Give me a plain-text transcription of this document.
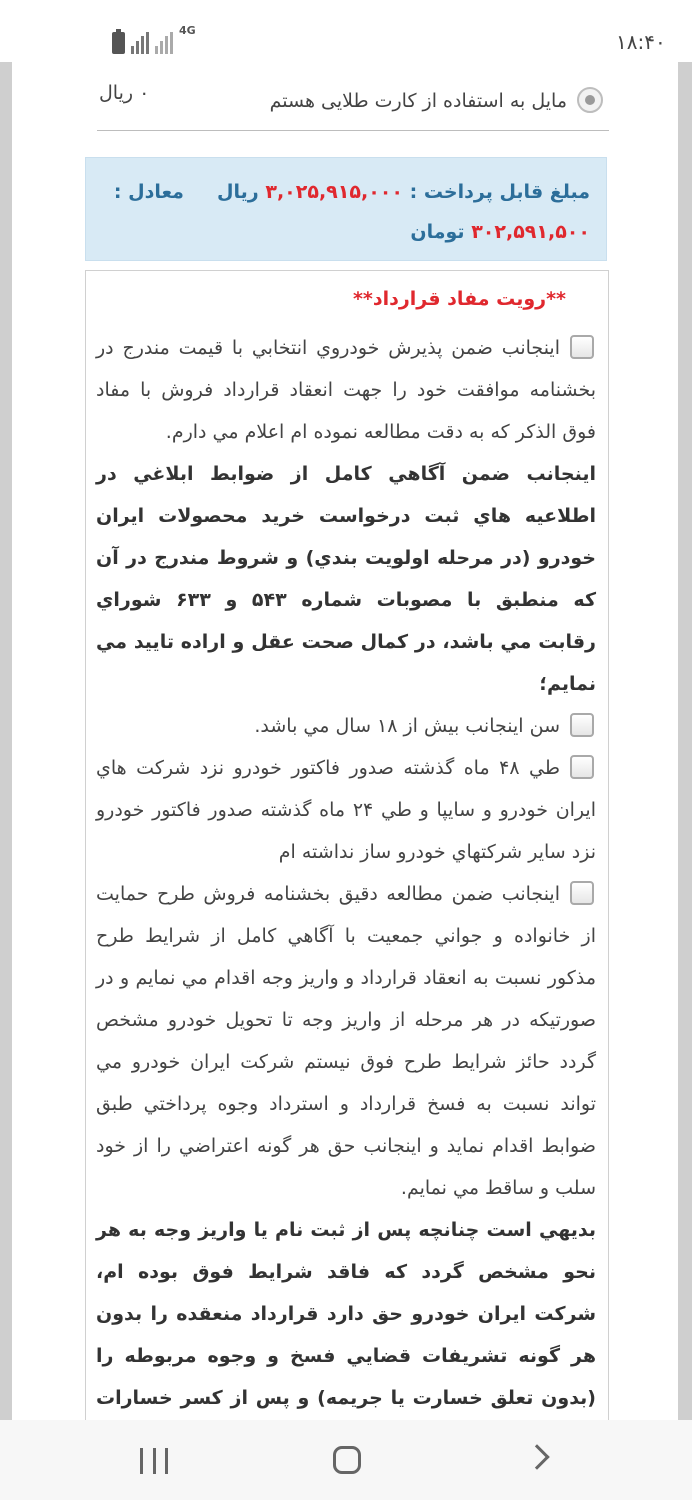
4G	۱۸:۴۰
مايل به استفاده از كارت طلايی هستم
۰ ريال
مبلغ قابل پرداخت : ۳,۰۲۵,۹۱۵,۰۰۰ ريال     معادل :
۳۰۲,۵۹۱,۵۰۰ تومان
**رويت مفاد قرارداد**

اينجانب ضمن پذيرش خودروي انتخابي با قيمت مندرج در بخشنامه موافقت خود را جهت انعقاد قرارداد فروش با مفاد فوق الذكر كه به دقت مطالعه نموده ام اعلام مي دارم.

اينجانب ضمن آگاهي كامل از ضوابط ابلاغي در اطلاعيه هاي ثبت درخواست خريد محصولات ايران خودرو (در مرحله اولويت بندي) و شروط مندرج در آن كه منطبق با مصوبات شماره ۵۴۳ و ۶۳۳ شوراي رقابت مي باشد، در كمال صحت عقل و اراده تاييد مي نمايم؛

سن اينجانب بيش از ۱۸ سال مي باشد.

طي ۴۸ ماه گذشته صدور فاكتور خودرو نزد شركت هاي ايران خودرو و سايپا و طي ۲۴ ماه گذشته صدور فاكتور خودرو نزد ساير شركتهاي خودرو ساز نداشته ام

اينجانب ضمن مطالعه دقيق بخشنامه فروش طرح حمايت از خانواده و جواني جمعيت با آگاهي كامل از شرايط طرح مذكور نسبت به انعقاد قرارداد و واريز وجه اقدام مي نمايم و در صورتيكه در هر مرحله از واريز وجه تا تحويل خودرو مشخص گردد حائز شرايط طرح فوق نيستم شركت ايران خودرو مي تواند نسبت به فسخ قرارداد و استرداد وجوه پرداختي طبق ضوابط اقدام نمايد و اينجانب حق هر گونه اعتراضي را از خود سلب و ساقط مي نمايم.

بديهي است چنانچه پس از ثبت نام يا واريز وجه به هر نحو مشخص گردد كه فاقد شرايط فوق بوده ام، شركت ايران خودرو حق دارد قرارداد منعقده را بدون هر گونه تشريفات قضايي فسخ و وجوه مربوطه را (بدون تعلق خسارت يا جريمه) و پس از كسر خسارات
